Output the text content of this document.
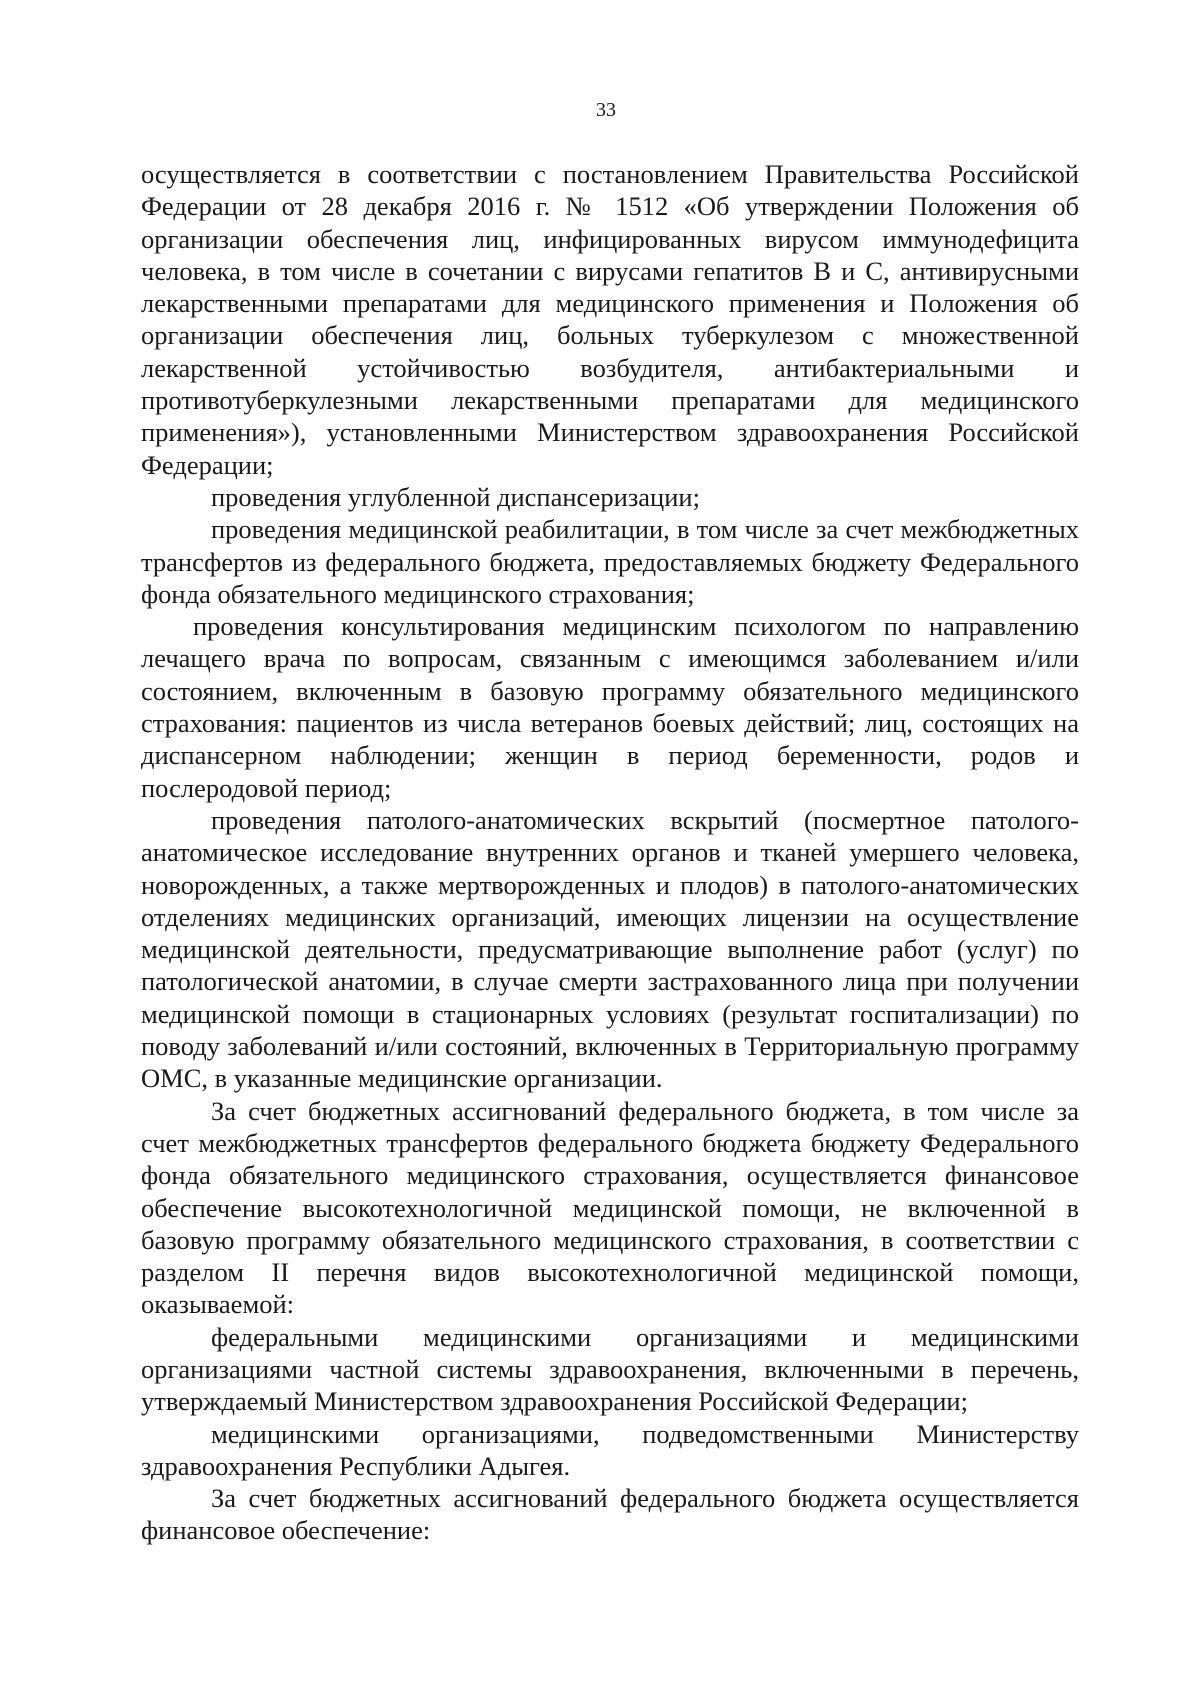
33

осуществляется в соответствии с постановлением Правительства Российской Федерации от 28 декабря 2016 г. № 1512 «Об утверждении Положения об организации обеспечения лиц, инфицированных вирусом иммунодефицита человека, в том числе в сочетании с вирусами гепатитов B и C, антивирусными лекарственными препаратами для медицинского применения и Положения об организации обеспечения лиц, больных туберкулезом с множественной лекарственной устойчивостью возбудителя, антибактериальными и противотуберкулезными лекарственными препаратами для медицинского применения»), установленными Министерством здравоохранения Российской Федерации;

проведения углубленной диспансеризации;

проведения медицинской реабилитации, в том числе за счет межбюджетных трансфертов из федерального бюджета, предоставляемых бюджету Федерального фонда обязательного медицинского страхования;

проведения консультирования медицинским психологом по направлению лечащего врача по вопросам, связанным с имеющимся заболеванием и/или состоянием, включенным в базовую программу обязательного медицинского страхования: пациентов из числа ветеранов боевых действий; лиц, состоящих на диспансерном наблюдении; женщин в период беременности, родов и послеродовой период;

проведения патолого-анатомических вскрытий (посмертное патолого-анатомическое исследование внутренних органов и тканей умершего человека, новорожденных, а также мертворожденных и плодов) в патолого-анатомических отделениях медицинских организаций, имеющих лицензии на осуществление медицинской деятельности, предусматривающие выполнение работ (услуг) по патологической анатомии, в случае смерти застрахованного лица при получении медицинской помощи в стационарных условиях (результат госпитализации) по поводу заболеваний и/или состояний, включенных в Территориальную программу ОМС, в указанные медицинские организации.

За счет бюджетных ассигнований федерального бюджета, в том числе за счет межбюджетных трансфертов федерального бюджета бюджету Федерального фонда обязательного медицинского страхования, осуществляется финансовое обеспечение высокотехнологичной медицинской помощи, не включенной в базовую программу обязательного медицинского страхования, в соответствии с разделом II перечня видов высокотехнологичной медицинской помощи, оказываемой:

федеральными медицинскими организациями и медицинскими организациями частной системы здравоохранения, включенными в перечень, утверждаемый Министерством здравоохранения Российской Федерации;

медицинскими организациями, подведомственными Министерству здравоохранения Республики Адыгея.

За счет бюджетных ассигнований федерального бюджета осуществляется финансовое обеспечение:
